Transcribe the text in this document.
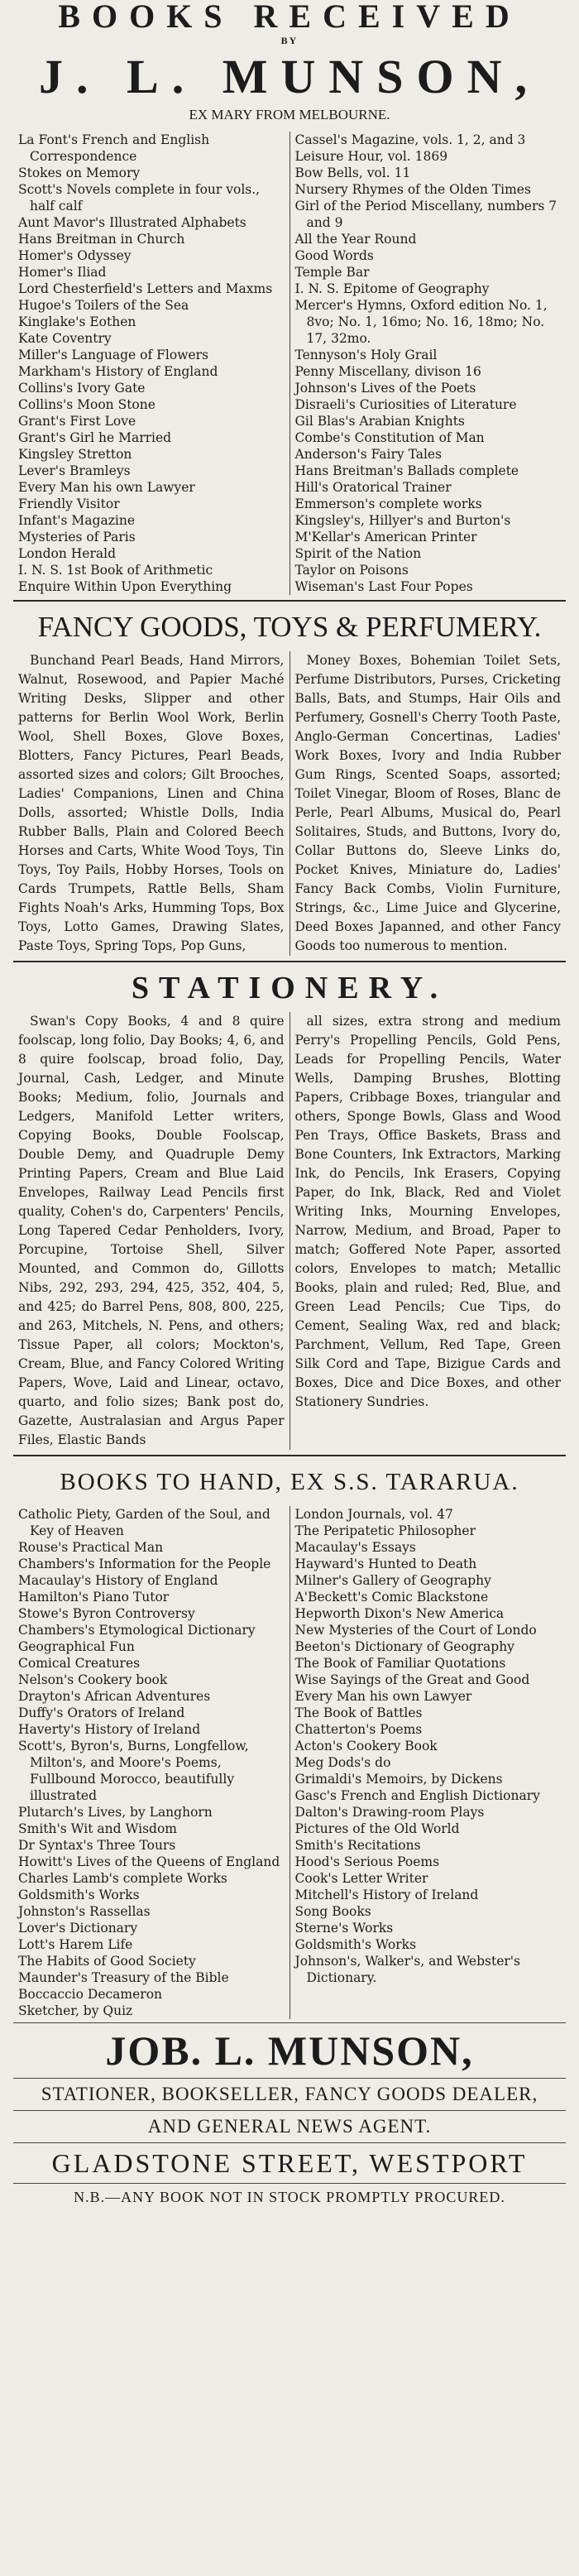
BOOKS RECEIVED
BY
J. L. MUNSON,
EX MARY FROM MELBOURNE.
La Font's French and English Correspondence
Stokes on Memory
Scott's Novels complete in four vols., half calf
Aunt Mavor's Illustrated Alphabets
Hans Breitman in Church
Homer's Odyssey
Homer's Iliad
Lord Chesterfield's Letters and Maxms
Hugoe's Toilers of the Sea
Kinglake's Eothen
Kate Coventry
Miller's Language of Flowers
Markham's History of England
Collins's Ivory Gate
Collins's Moon Stone
Grant's First Love
Grant's Girl he Married
Kingsley Stretton
Lever's Bramleys
Every Man his own Lawyer
Friendly Visitor
Infant's Magazine
Mysteries of Paris
London Herald
I. N. S. 1st Book of Arithmetic
Enquire Within Upon Everything
Cassel's Magazine, vols. 1, 2, and 3
Leisure Hour, vol. 1869
Bow Bells, vol. 11
Nursery Rhymes of the Olden Times
Girl of the Period Miscellany, numbers 7 and 9
All the Year Round
Good Words
Temple Bar
I. N. S. Epitome of Geography
Mercer's Hymns, Oxford edition No. 1, 8vo; No. 1, 16mo; No. 16, 18mo; No. 17, 32mo.
Tennyson's Holy Grail
Penny Miscellany, divison 16
Johnson's Lives of the Poets
Disraeli's Curiosities of Literature
Gil Blas's Arabian Knights
Combe's Constitution of Man
Anderson's Fairy Tales
Hans Breitman's Ballads complete
Hill's Oratorical Trainer
Emmerson's complete works
Kingsley's, Hillyer's and Burton's
M'Kellar's American Printer
Spirit of the Nation
Taylor on Poisons
Wiseman's Last Four Popes
FANCY GOODS, TOYS & PERFUMERY.

Bunchand Pearl Beads, Hand Mirrors, Walnut, Rosewood, and Papier Maché Writing Desks, Slipper and other patterns for Berlin Wool Work, Berlin Wool, Shell Boxes, Glove Boxes, Blotters, Fancy Pictures, Pearl Beads, assorted sizes and colors; Gilt Brooches, Ladies' Companions, Linen and China Dolls, assorted; Whistle Dolls, India Rubber Balls, Plain and Colored Beech Horses and Carts, White Wood Toys, Tin Toys, Toy Pails, Hobby Horses, Tools on Cards Trumpets, Rattle Bells, Sham Fights Noah's Arks, Humming Tops, Box Toys, Lotto Games, Drawing Slates, Paste Toys, Spring Tops, Pop Guns,

Money Boxes, Bohemian Toilet Sets, Perfume Distributors, Purses, Cricketing Balls, Bats, and Stumps, Hair Oils and Perfumery, Gosnell's Cherry Tooth Paste, Anglo-German Concertinas, Ladies' Work Boxes, Ivory and India Rubber Gum Rings, Scented Soaps, assorted; Toilet Vinegar, Bloom of Roses, Blanc de Perle, Pearl Albums, Musical do, Pearl Solitaires, Studs, and Buttons, Ivory do, Collar Buttons do, Sleeve Links do, Pocket Knives, Miniature do, Ladies' Fancy Back Combs, Violin Furniture, Strings, &c., Lime Juice and Glycerine, Deed Boxes Japanned, and other Fancy Goods too numerous to mention.

STATIONERY.

Swan's Copy Books, 4 and 8 quire foolscap, long folio, Day Books; 4, 6, and 8 quire foolscap, broad folio, Day, Journal, Cash, Ledger, and Minute Books; Medium, folio, Journals and Ledgers, Manifold Letter writers, Copying Books, Double Foolscap, Double Demy, and Quadruple Demy Printing Papers, Cream and Blue Laid Envelopes, Railway Lead Pencils first quality, Cohen's do, Carpenters' Pencils, Long Tapered Cedar Penholders, Ivory, Porcupine, Tortoise Shell, Silver Mounted, and Common do, Gillotts Nibs, 292, 293, 294, 425, 352, 404, 5, and 425; do Barrel Pens, 808, 800, 225, and 263, Mitchels, N. Pens, and others; Tissue Paper, all colors; Mockton's, Cream, Blue, and Fancy Colored Writing Papers, Wove, Laid and Linear, octavo, quarto, and folio sizes; Bank post do, Gazette, Australasian and Argus Paper Files, Elastic Bands

all sizes, extra strong and medium Perry's Propelling Pencils, Gold Pens, Leads for Propelling Pencils, Water Wells, Damping Brushes, Blotting Papers, Cribbage Boxes, triangular and others, Sponge Bowls, Glass and Wood Pen Trays, Office Baskets, Brass and Bone Counters, Ink Extractors, Marking Ink, do Pencils, Ink Erasers, Copying Paper, do Ink, Black, Red and Violet Writing Inks, Mourning Envelopes, Narrow, Medium, and Broad, Paper to match; Goffered Note Paper, assorted colors, Envelopes to match; Metallic Books, plain and ruled; Red, Blue, and Green Lead Pencils; Cue Tips, do Cement, Sealing Wax, red and black; Parchment, Vellum, Red Tape, Green Silk Cord and Tape, Bizigue Cards and Boxes, Dice and Dice Boxes, and other Stationery Sundries.

BOOKS TO HAND, EX S.S. TARARUA.
Catholic Piety, Garden of the Soul, and Key of Heaven
Rouse's Practical Man
Chambers's Information for the People
Macaulay's History of England
Hamilton's Piano Tutor
Stowe's Byron Controversy
Chambers's Etymological Dictionary
Geographical Fun
Comical Creatures
Nelson's Cookery book
Drayton's African Adventures
Duffy's Orators of Ireland
Haverty's History of Ireland
Scott's, Byron's, Burns, Longfellow, Milton's, and Moore's Poems, Fullbound Morocco, beautifully illustrated
Plutarch's Lives, by Langhorn
Smith's Wit and Wisdom
Dr Syntax's Three Tours
Howitt's Lives of the Queens of England
Charles Lamb's complete Works
Goldsmith's Works
Johnston's Rassellas
Lover's Dictionary
Lott's Harem Life
The Habits of Good Society
Maunder's Treasury of the Bible
Boccaccio Decameron
Sketcher, by Quiz
London Journals, vol. 47
The Peripatetic Philosopher
Macaulay's Essays
Hayward's Hunted to Death
Milner's Gallery of Geography
A'Beckett's Comic Blackstone
Hepworth Dixon's New America
New Mysteries of the Court of Londo
Beeton's Dictionary of Geography
The Book of Familiar Quotations
Wise Sayings of the Great and Good
Every Man his own Lawyer
The Book of Battles
Chatterton's Poems
Acton's Cookery Book
Meg Dods's do
Grimaldi's Memoirs, by Dickens
Gasc's French and English Dictionary
Dalton's Drawing-room Plays
Pictures of the Old World
Smith's Recitations
Hood's Serious Poems
Cook's Letter Writer
Mitchell's History of Ireland
Song Books
Sterne's Works
Goldsmith's Works
Johnson's, Walker's, and Webster's Dictionary.
JOB. L. MUNSON,
STATIONER, BOOKSELLER, FANCY GOODS DEALER,
AND GENERAL NEWS AGENT.
GLADSTONE STREET, WESTPORT
N.B.—ANY BOOK NOT IN STOCK PROMPTLY PROCURED.
